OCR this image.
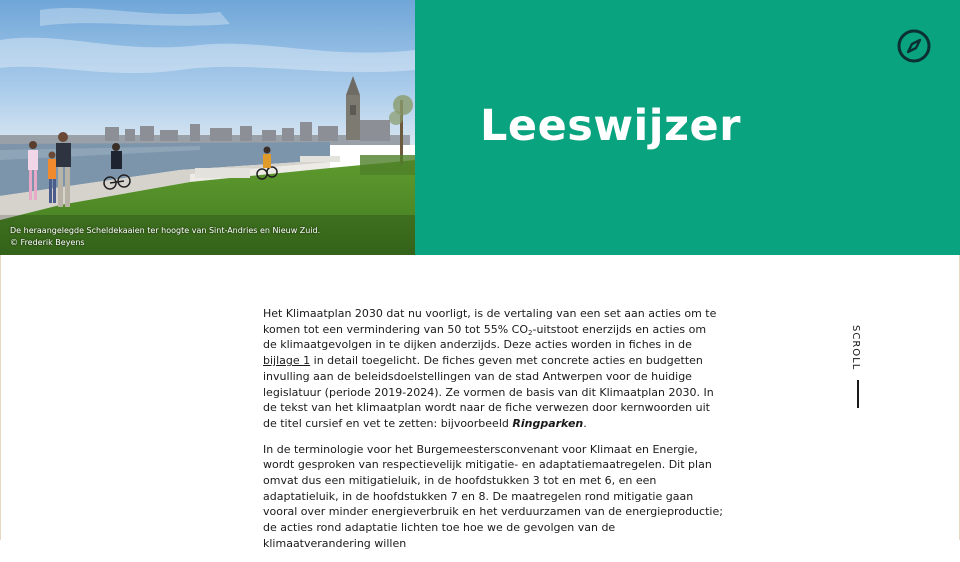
De heraangelegde Scheldekaaien ter hoogte van Sint-Andries en Nieuw Zuid.
© Frederik Beyens
Leeswijzer

Het Klimaatplan 2030 dat nu voorligt, is de vertaling van een set aan acties om te komen tot een vermindering van 50 tot 55% $CO_2$-uitstoot enerzijds en acties om de klimaatgevolgen in te dijken anderzijds. Deze acties worden in fiches in de bijlage 1 in detail toegelicht. De fiches geven met concrete acties en budgetten invulling aan de beleidsdoelstellingen van de stad Antwerpen voor de huidige legislatuur (periode 2019-2024). Ze vormen de basis van dit Klimaatplan 2030. In de tekst van het klimaatplan wordt naar de fiche verwezen door kernwoorden uit de titel cursief en vet te zetten: bijvoorbeeld Ringparken.

In de terminologie voor het Burgemeestersconvenant voor Klimaat en Energie, wordt gesproken van respectievelijk mitigatie- en adaptatiemaatregelen. Dit plan omvat dus een mitigatieluik, in de hoofdstukken 3 tot en met 6, en een adaptatieluik, in de hoofdstukken 7 en 8. De maatregelen rond mitigatie gaan vooral over minder energieverbruik en het verduurzamen van de energieproductie; de acties rond adaptatie lichten toe hoe we de gevolgen van de klimaatverandering willen

SCROLL
